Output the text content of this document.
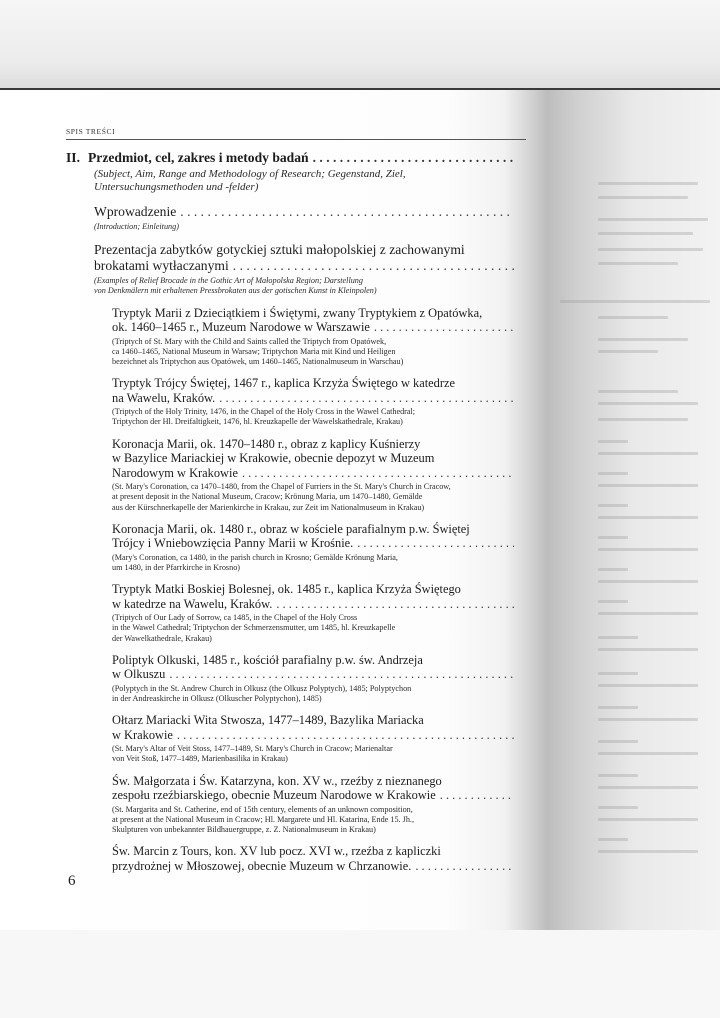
SPIS TREŚCI
II. Przedmiot, cel, zakres i metody badań
. . .
(Subject, Aim, Range and Methodology of Research; Gegenstand, Ziel, Untersuchungsmethoden und -felder)
Wprowadzenie
. . .
(Introduction; Einleitung)
Prezentacja zabytków gotyckiej sztuki małopolskiej z zachowanymi
brokatami wytłaczanymi
. . .
(Examples of Relief Brocade in the Gothic Art of Małopolska Region; Darstellung
von Denkmälern mit erhaltenen Pressbrokaten aus der gotischen Kunst in Kleinpolen)
Tryptyk Marii z Dzieciątkiem i Świętymi, zwany Tryptykiem z Opatówka,
ok. 1460–1465 r., Muzeum Narodowe w Warszawie
. . .
(Triptych of St. Mary with the Child and Saints called the Triptych from Opatówek,
ca 1460–1465, National Museum in Warsaw; Triptychon Maria mit Kind und Heiligen
bezeichnet als Triptychon aus Opatówek, um 1460–1465, Nationalmuseum in Warschau)
Tryptyk Trójcy Świętej, 1467 r., kaplica Krzyża Świętego w katedrze
na Wawelu, Kraków.
. . .
(Triptych of the Holy Trinity, 1476, in the Chapel of the Holy Cross in the Wawel Cathedral;
Triptychon der Hl. Dreifaltigkeit, 1476, hl. Kreuzkapelle der Wawelskathedrale, Krakau)
Koronacja Marii, ok. 1470–1480 r., obraz z kaplicy Kuśnierzy
w Bazylice Mariackiej w Krakowie, obecnie depozyt w Muzeum
Narodowym w Krakowie
. . .
(St. Mary's Coronation, ca 1470–1480, from the Chapel of Furriers in the St. Mary's Church in Cracow,
at present deposit in the National Museum, Cracow; Krönung Maria, um 1470–1480, Gemälde
aus der Kürschnerkapelle der Marienkirche in Krakau, zur Zeit im Nationalmuseum in Krakau)
Koronacja Marii, ok. 1480 r., obraz w kościele parafialnym p.w. Świętej
Trójcy i Wniebowzięcia Panny Marii w Krośnie.
. . .
(Mary's Coronation, ca 1480, in the parish church in Krosno; Gemälde Krönung Maria,
um 1480, in der Pfarrkirche in Krosno)
Tryptyk Matki Boskiej Bolesnej, ok. 1485 r., kaplica Krzyża Świętego
w katedrze na Wawelu, Kraków.
. . .
(Triptych of Our Lady of Sorrow, ca 1485, in the Chapel of the Holy Cross
in the Wawel Cathedral; Triptychon der Schmerzensmutter, um 1485, hl. Kreuzkapelle
der Wawelkathedrale, Krakau)
Poliptyk Olkuski, 1485 r., kościół parafialny p.w. św. Andrzeja
w Olkuszu
. . .
(Polyptych in the St. Andrew Church in Olkusz (the Olkusz Polyptych), 1485; Polyptychon
in der Andreaskirche in Olkusz (Olkuscher Polyptychon), 1485)
Ołtarz Mariacki Wita Stwosza, 1477–1489, Bazylika Mariacka
w Krakowie
. . .
(St. Mary's Altar of Veit Stoss, 1477–1489, St. Mary's Church in Cracow; Marienaltar
von Veit Stoß, 1477–1489, Marienbasilika in Krakau)
Św. Małgorzata i Św. Katarzyna, kon. XV w., rzeźby z nieznanego
zespołu rzeźbiarskiego, obecnie Muzeum Narodowe w Krakowie
. . .
(St. Margarita and St. Catherine, end of 15th century, elements of an unknown composition,
at present at the National Museum in Cracow; Hl. Margarete und Hl. Katarina, Ende 15. Jh.,
Skulpturen von unbekannter Bildhauergruppe, z. Z. Nationalmuseum in Krakau)
Św. Marcin z Tours, kon. XV lub pocz. XVI w., rzeźba z kapliczki
przydrożnej w Młoszowej, obecnie Muzeum w Chrzanowie.
. . .
6
